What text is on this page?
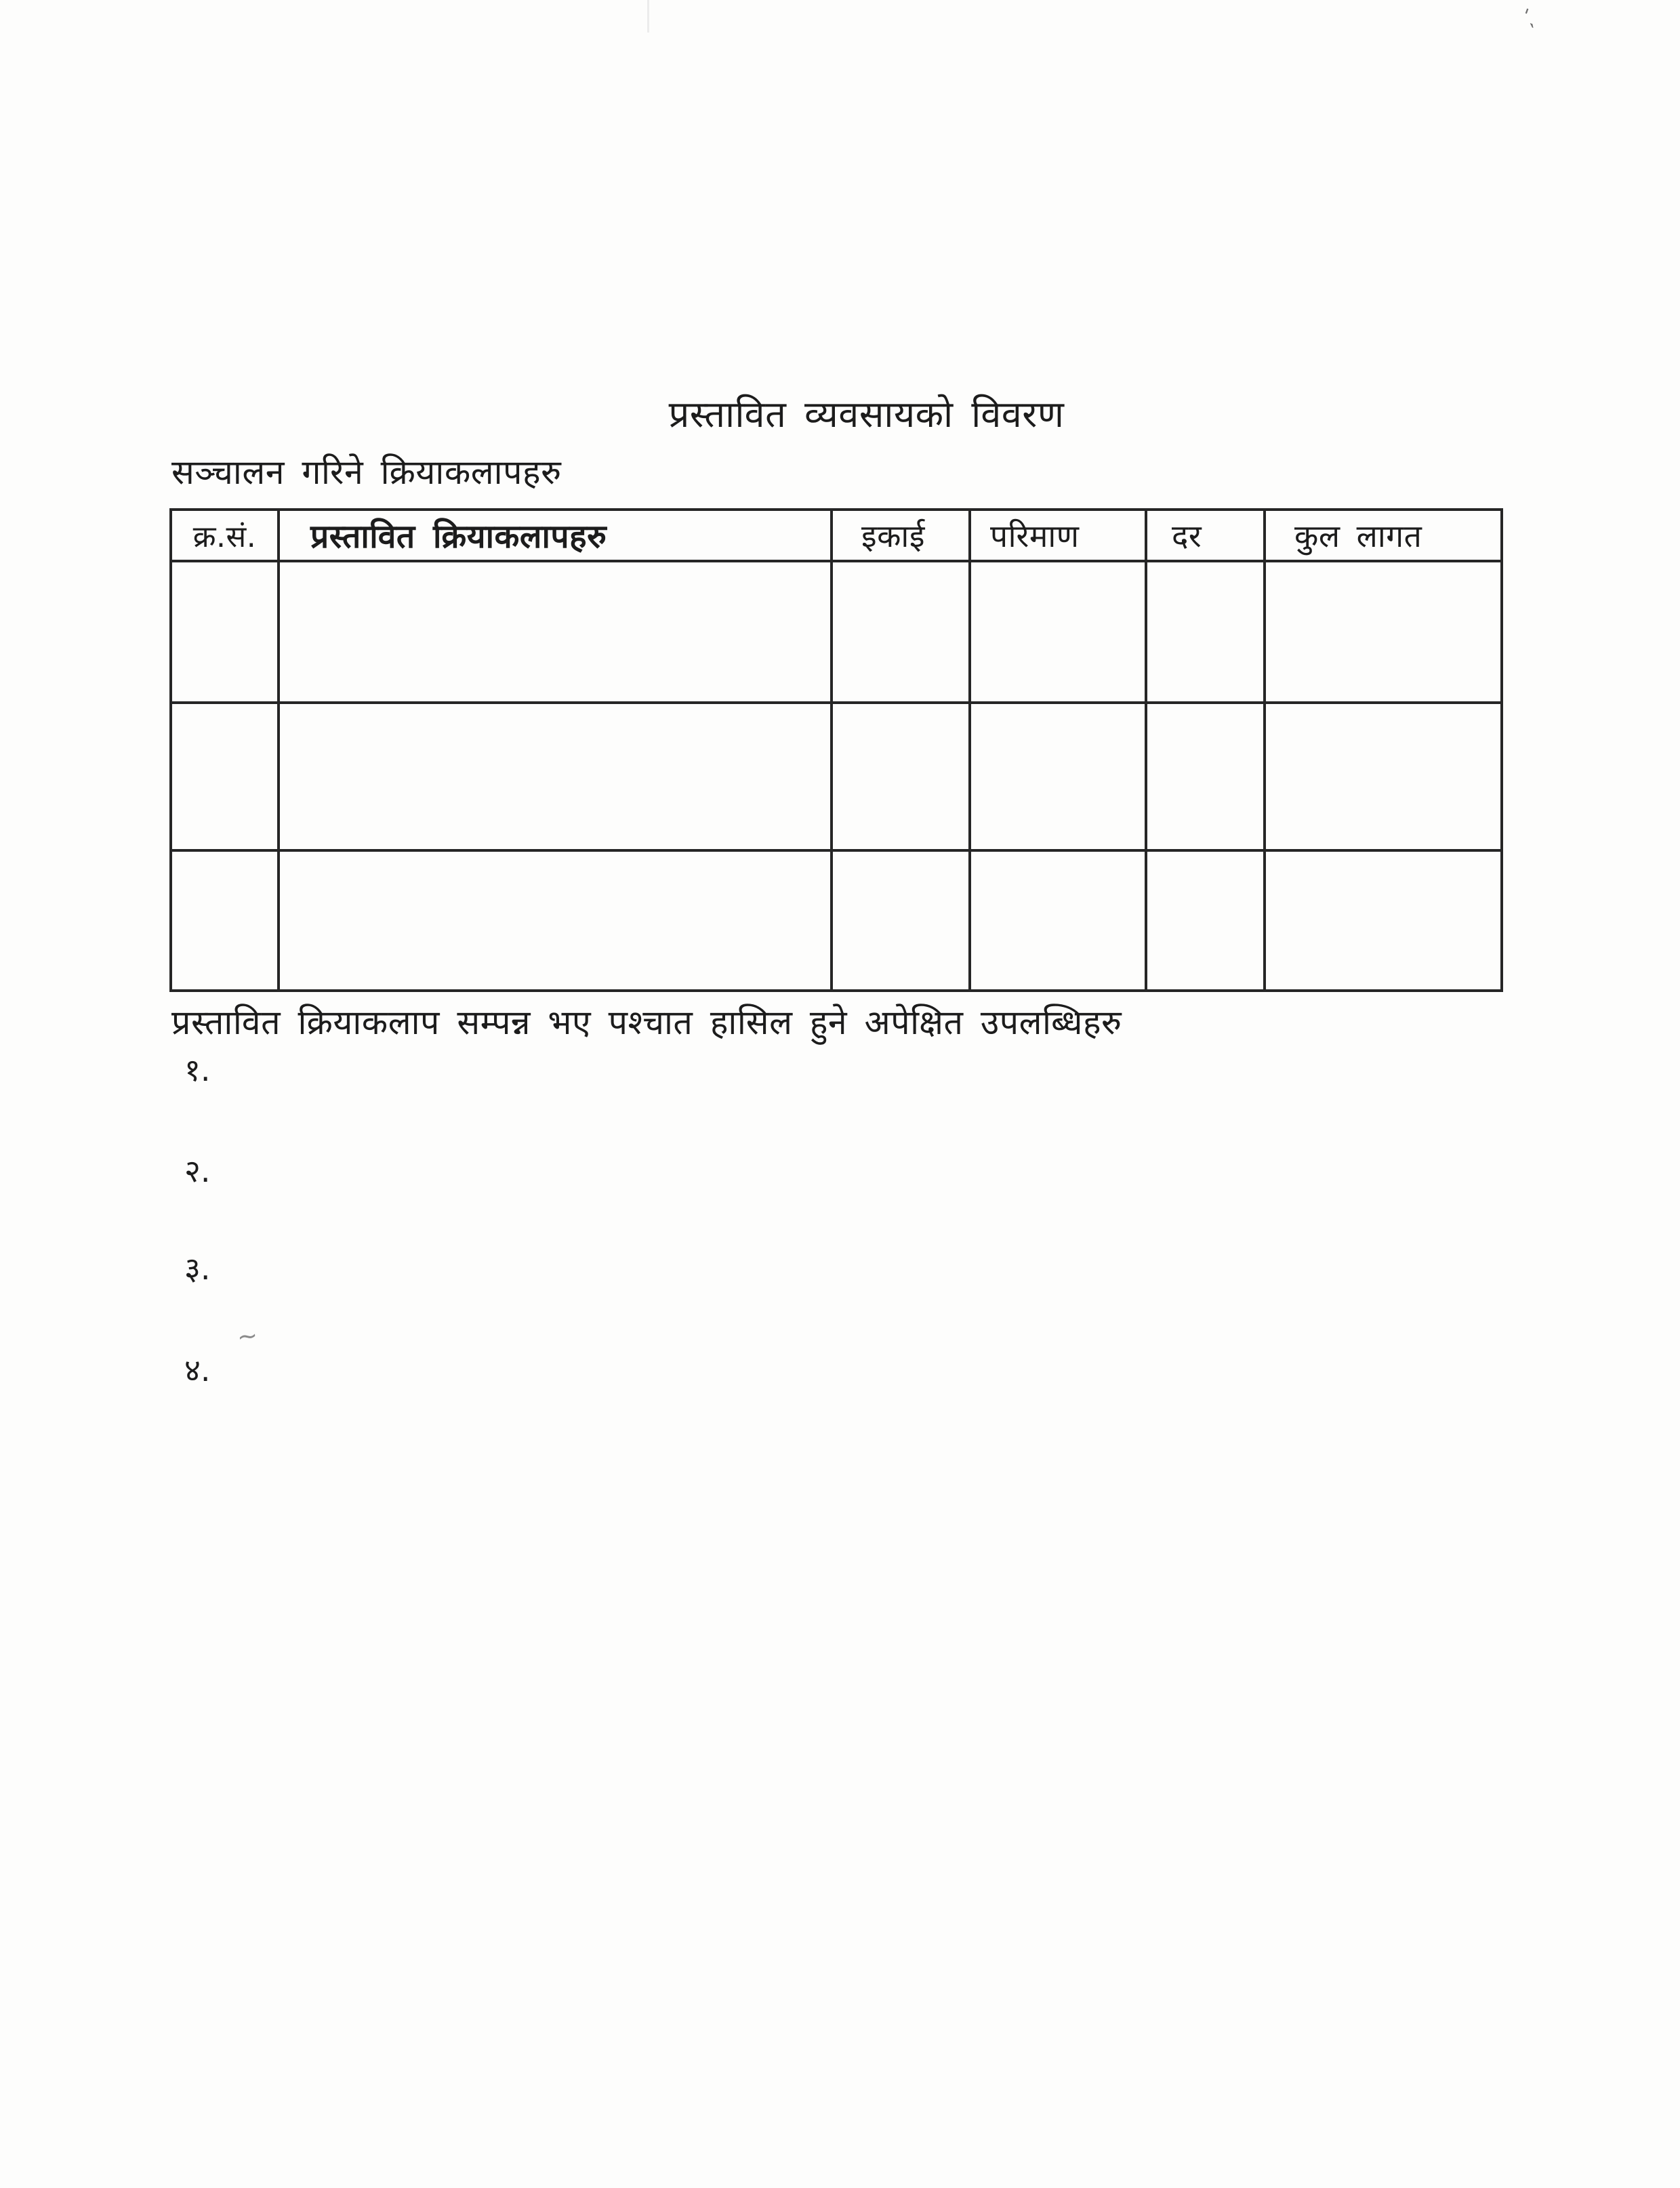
प्रस्तावित व्यवसायको विवरण
सञ्चालन गरिने क्रियाकलापहरु
क्र.सं.	प्रस्तावित क्रियाकलापहरु	इकाई	परिमाण	दर	कुल लागत

प्रस्तावित क्रियाकलाप सम्पन्न भए पश्चात हासिल हुने अपेक्षित उपलब्धिहरु
१.
२.
३.
४.
̍˴
~
